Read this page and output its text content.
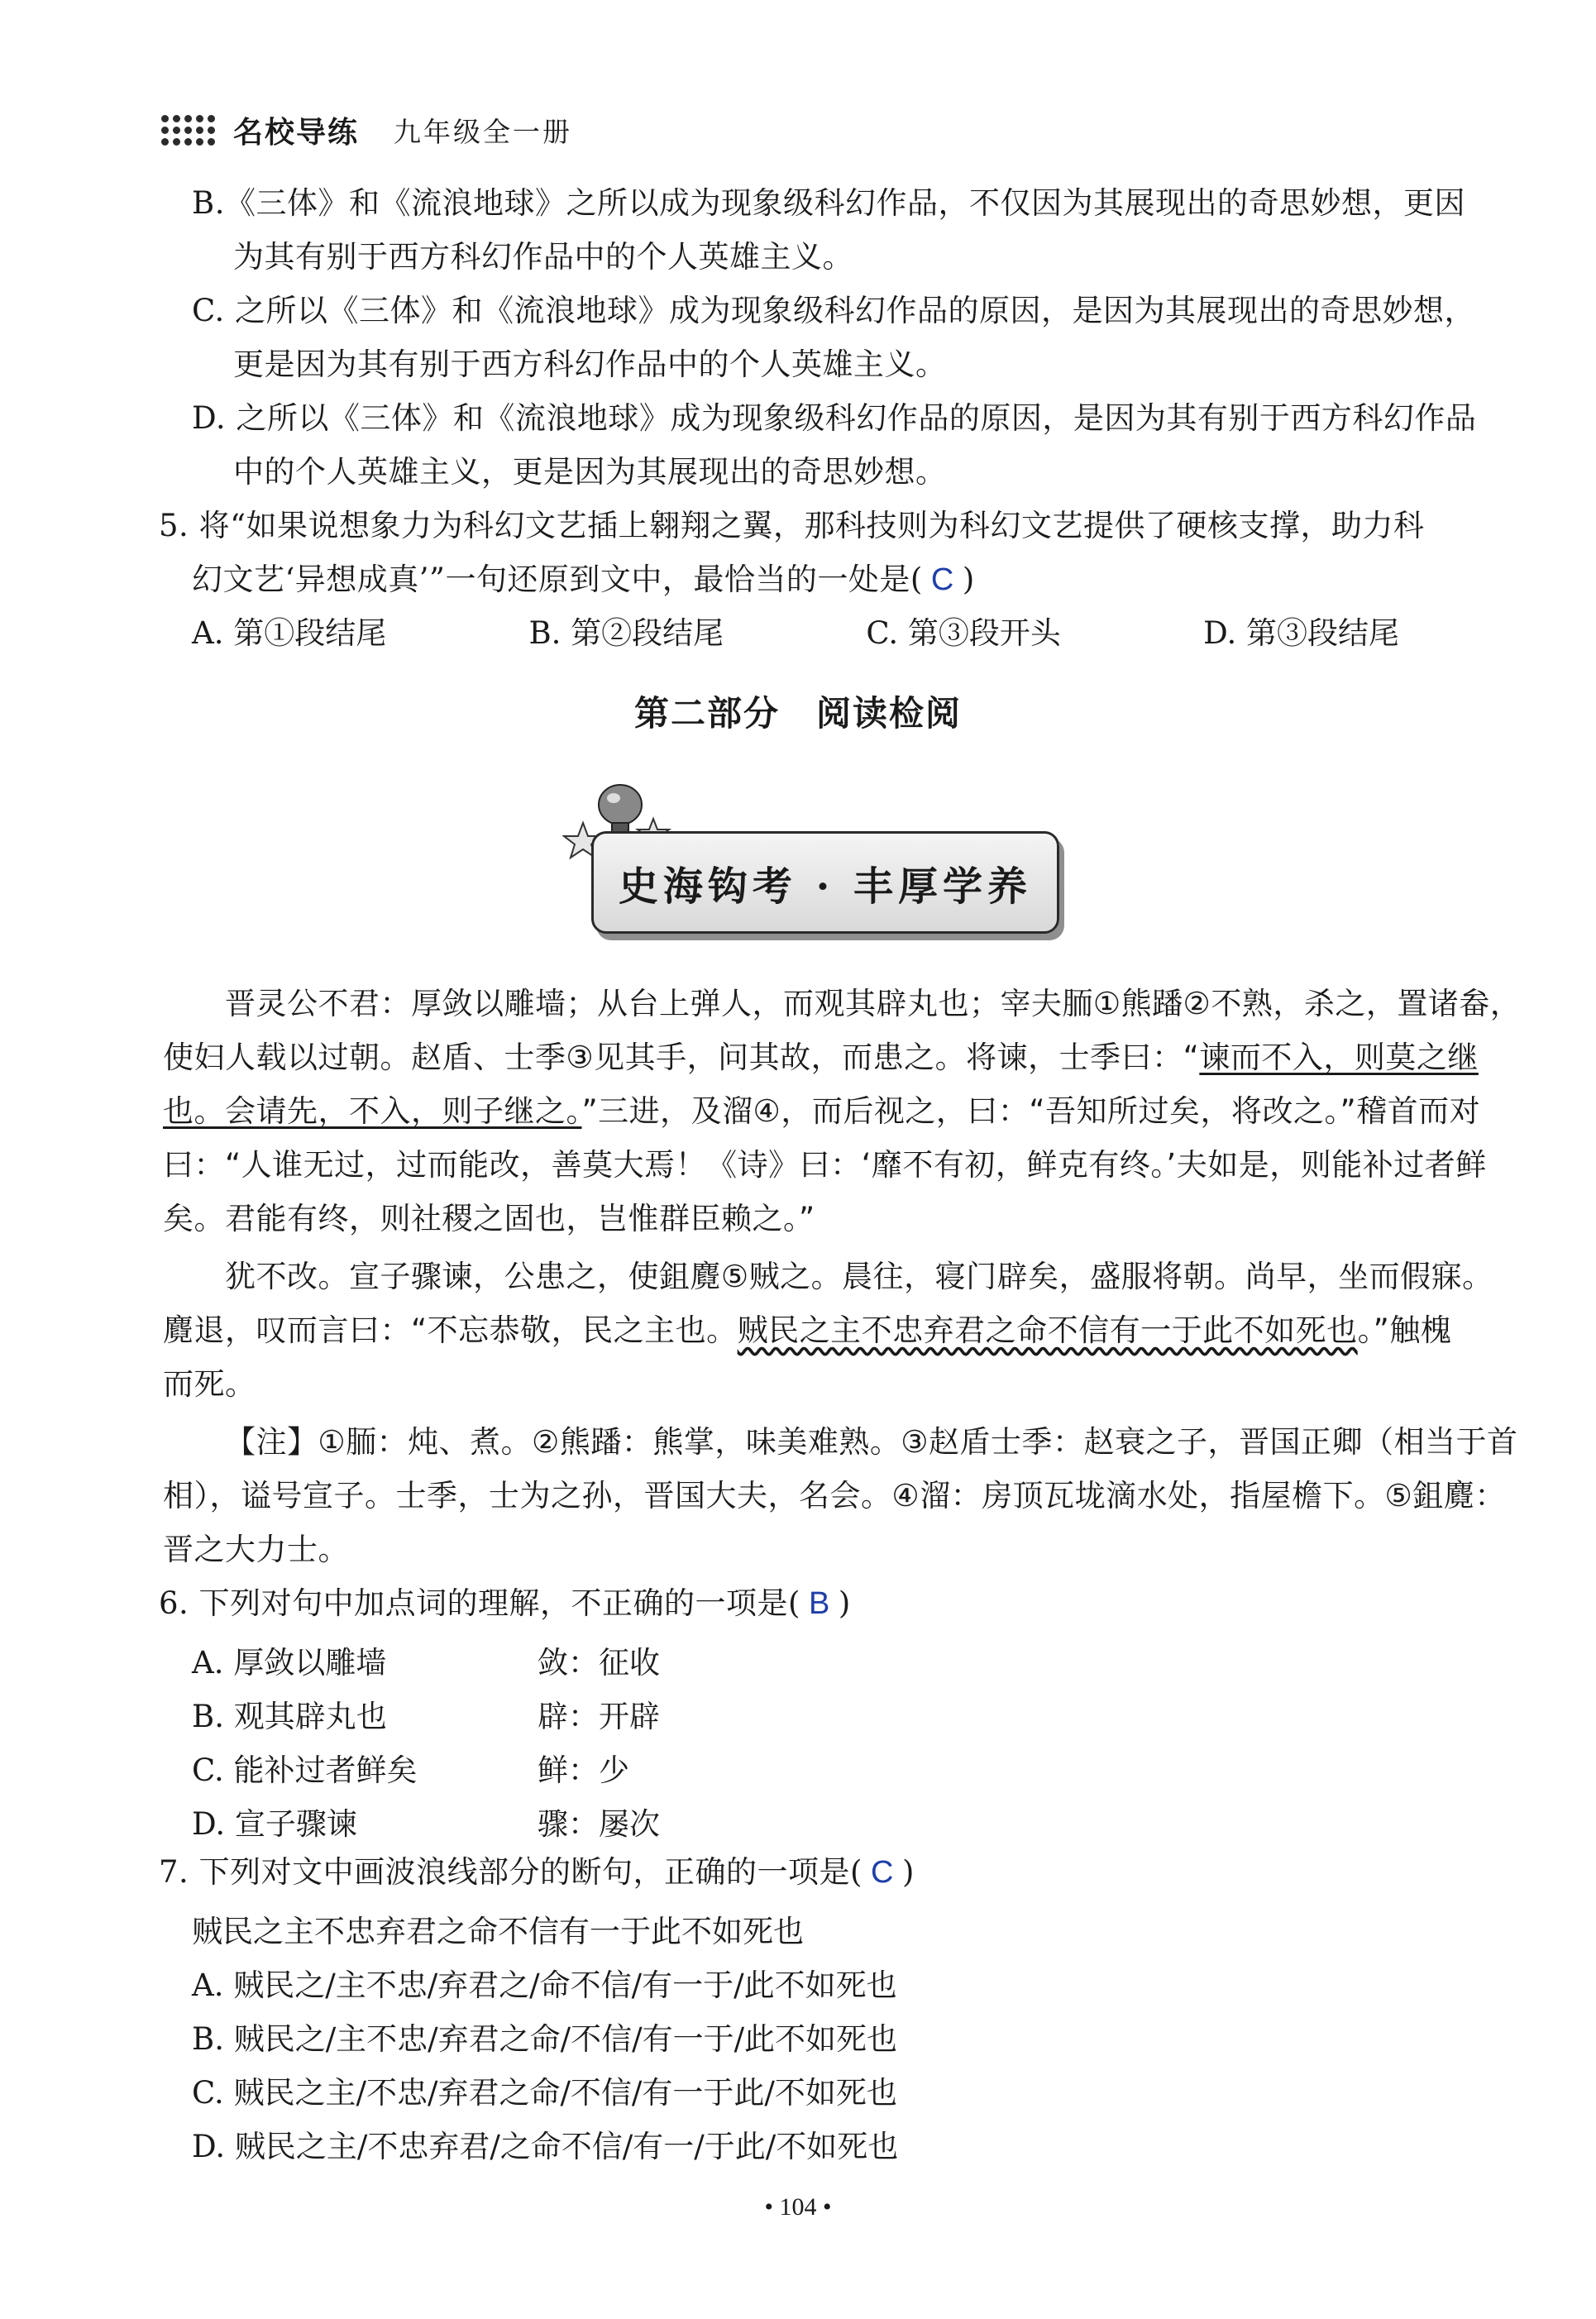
名校导练 九年级全一册
B.《三体》和《流浪地球》之所以成为现象级科幻作品，不仅因为其展现出的奇思妙想，更因
为其有别于西方科幻作品中的个人英雄主义。
C. 之所以《三体》和《流浪地球》成为现象级科幻作品的原因，是因为其展现出的奇思妙想，
更是因为其有别于西方科幻作品中的个人英雄主义。
D. 之所以《三体》和《流浪地球》成为现象级科幻作品的原因，是因为其有别于西方科幻作品
中的个人英雄主义，更是因为其展现出的奇思妙想。
5. 将“如果说想象力为科幻文艺插上翱翔之翼，那科技则为科幻文艺提供了硬核支撑，助力科
幻文艺‘异想成真’”一句还原到文中，最恰当的一处是( C )
A. 第①段结尾	B. 第②段结尾	C. 第③段开头	D. 第③段结尾
第二部分　阅读检阅
史海钩考 · 丰厚学养
晋灵公不君：厚敛以雕墙；从台上弹人，而观其辟丸也；宰夫胹①熊蹯②不熟，杀之，置诸畚，
使妇人载以过朝。赵盾、士季③见其手，问其故，而患之。将谏，士季曰：“谏而不入，则莫之继
也。会请先，不入，则子继之。”三进，及溜④，而后视之，曰：“吾知所过矣，将改之。”稽首而对
曰：“人谁无过，过而能改，善莫大焉！《诗》曰：‘靡不有初，鲜克有终。’夫如是，则能补过者鲜
矣。君能有终，则社稷之固也，岂惟群臣赖之。”
犹不改。宣子骤谏，公患之，使鉏麑⑤贼之。晨往，寝门辟矣，盛服将朝。尚早，坐而假寐。
麑退，叹而言曰：“不忘恭敬，民之主也。贼民之主不忠弃君之命不信有一于此不如死也。”触槐
而死。
【注】①胹：炖、煮。②熊蹯：熊掌，味美难熟。③赵盾士季：赵衰之子，晋国正卿（相当于首
相），谥号宣子。士季，士为之孙，晋国大夫，名会。④溜：房顶瓦垅滴水处，指屋檐下。⑤鉏麑：
晋之大力士。
6. 下列对句中加点词的理解，不正确的一项是( B )
A. 厚敛以雕墙	敛：征收
B. 观其辟丸也	辟：开辟
C. 能补过者鲜矣	鲜：少
D. 宣子骤谏	骤：屡次
7. 下列对文中画波浪线部分的断句，正确的一项是( C )
贼民之主不忠弃君之命不信有一于此不如死也
A. 贼民之/主不忠/弃君之/命不信/有一于/此不如死也
B. 贼民之/主不忠/弃君之命/不信/有一于/此不如死也
C. 贼民之主/不忠/弃君之命/不信/有一于此/不如死也
D. 贼民之主/不忠弃君/之命不信/有一/于此/不如死也
• 104 •
